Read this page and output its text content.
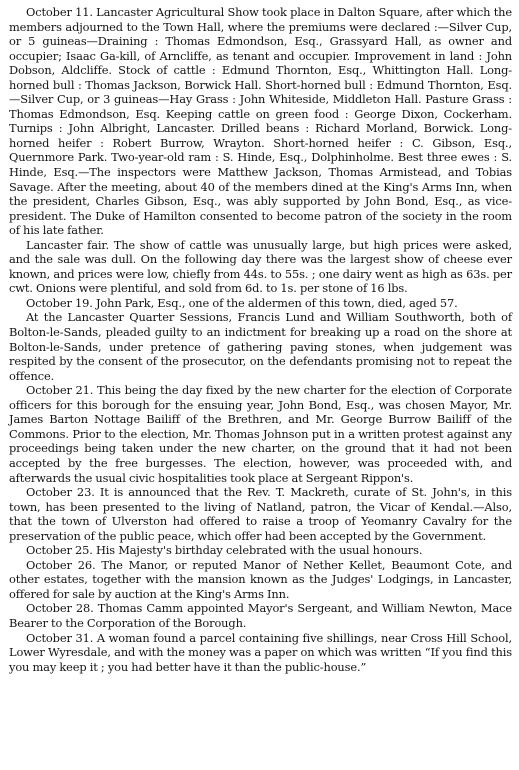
October 11. Lancaster Agricultural Show took place in Dalton Square, after which the members adjourned to the Town Hall, where the premiums were declared :—Silver Cup, or 5 guineas—Draining : Thomas Edmondson, Esq., Grassyard Hall, as owner and occupier; Isaac Ga-kill, of Arncliffe, as tenant and occupier. Improvement in land : John Dobson, Aldcliffe. Stock of cattle : Edmund Thornton, Esq., Whittington Hall. Long-horned bull : Thomas Jackson, Borwick Hall. Short-horned bull : Edmund Thornton, Esq.—Silver Cup, or 3 guineas—Hay Grass : John Whiteside, Middleton Hall. Pasture Grass : Thomas Edmondson, Esq. Keeping cattle on green food : George Dixon, Cockerham. Turnips : John Albright, Lancaster. Drilled beans : Richard Morland, Borwick. Long-horned heifer : Robert Burrow, Wrayton. Short-horned heifer : C. Gibson, Esq., Quernmore Park. Two-year-old ram : S. Hinde, Esq., Dolphinholme. Best three ewes : S. Hinde, Esq.—The inspectors were Matthew Jackson, Thomas Armistead, and Tobias Savage. After the meeting, about 40 of the members dined at the King's Arms Inn, when the president, Charles Gibson, Esq., was ably supported by John Bond, Esq., as vice-president. The Duke of Hamilton consented to become patron of the society in the room of his late father.

Lancaster fair. The show of cattle was unusually large, but high prices were asked, and the sale was dull. On the following day there was the largest show of cheese ever known, and prices were low, chiefly from 44s. to 55s. ; one dairy went as high as 63s. per cwt. Onions were plentiful, and sold from 6d. to 1s. per stone of 16 lbs.

October 19. John Park, Esq., one of the aldermen of this town, died, aged 57.

At the Lancaster Quarter Sessions, Francis Lund and William Southworth, both of Bolton-le-Sands, pleaded guilty to an indictment for breaking up a road on the shore at Bolton-le-Sands, under pretence of gathering paving stones, when judgement was respited by the consent of the prosecutor, on the defendants promising not to repeat the offence.

October 21. This being the day fixed by the new charter for the election of Corporate officers for this borough for the ensuing year, John Bond, Esq., was chosen Mayor, Mr. James Barton Nottage Bailiff of the Brethren, and Mr. George Burrow Bailiff of the Commons. Prior to the election, Mr. Thomas Johnson put in a written protest against any proceedings being taken under the new charter, on the ground that it had not been accepted by the free burgesses. The election, however, was proceeded with, and afterwards the usual civic hospitalities took place at Sergeant Rippon's.

October 23. It is announced that the Rev. T. Mackreth, curate of St. John's, in this town, has been presented to the living of Natland, patron, the Vicar of Kendal.—Also, that the town of Ulverston had offered to raise a troop of Yeomanry Cavalry for the preservation of the public peace, which offer had been accepted by the Government.

October 25. His Majesty's birthday celebrated with the usual honours.

October 26. The Manor, or reputed Manor of Nether Kellet, Beaumont Cote, and other estates, together with the mansion known as the Judges' Lodgings, in Lancaster, offered for sale by auction at the King's Arms Inn.

October 28. Thomas Camm appointed Mayor's Sergeant, and William Newton, Mace Bearer to the Corporation of the Borough.

October 31. A woman found a parcel containing five shillings, near Cross Hill School, Lower Wyresdale, and with the money was a paper on which was written “If you find this you may keep it ; you had better have it than the public-house.”
